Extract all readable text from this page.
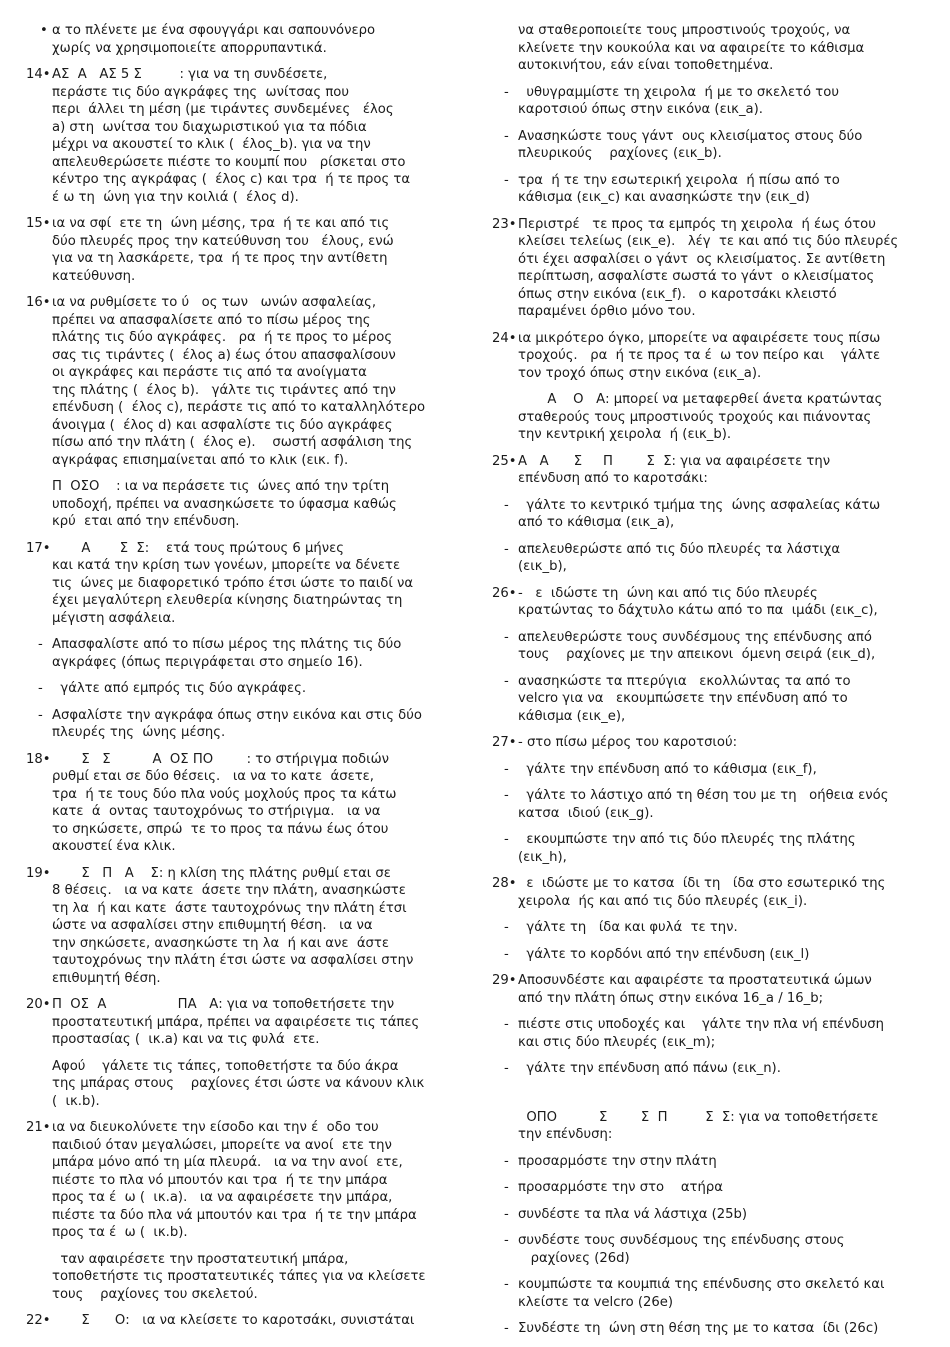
• α το πλένετε με ένα σφουγγάρι και σαπουνόνερο
χωρίς να χρησιμοποιείτε απορρυπαντικά.
14• ΑΣ  Α   ΑΣ 5 Σ         : για να τη συνδέσετε,
περάστε τις δύο αγκράφες της  ωνίτσας που
περι  άλλει τη μέση (με τιράντες συνδεμένες   έλος
a) στη  ωνίτσα του διαχωριστικού για τα πόδια
μέχρι να ακουστεί το κλικ (  έλος_b). για να την
απελευθερώσετε πιέστε το κουμπί που   ρίσκεται στο
κέντρο της αγκράφας (  έλος c) και τρα  ή τε προς τα
έ ω τη  ώνη για την κοιλιά (  έλος d).
15• ια να σφί  ετε τη  ώνη μέσης, τρα  ή τε και από τις
δύο πλευρές προς την κατεύθυνση του   έλους, ενώ
για να τη λασκάρετε, τρα  ή τε προς την αντίθετη
κατεύθυνση.
16• ια να ρυθμίσετε το ύ   ος των   ωνών ασφαλείας,
πρέπει να απασφαλίσετε από το πίσω μέρος της
πλάτης τις δύο αγκράφες.   ρα  ή τε προς το μέρος
σας τις τιράντες (  έλος a) έως ότου απασφαλίσουν
οι αγκράφες και περάστε τις από τα ανοίγματα
της πλάτης (  έλος b).   γάλτε τις τιράντες από την
επένδυση (  έλος c), περάστε τις από το καταλληλότερο
άνοιγμα (  έλος d) και ασφαλίστε τις δύο αγκράφες
πίσω από την πλάτη (  έλος e).    σωστή ασφάλιση της
αγκράφας επισημαίνεται από το κλικ (εικ. f).
Π  ΟΣΟ    : ια να περάσετε τις  ώνες από την τρίτη
υποδοχή, πρέπει να ανασηκώσετε το ύφασμα καθώς
κρύ  εται από την επένδυση.
17• Α       Σ  Σ:    ετά τους πρώτους 6 μήνες
και κατά την κρίση των γονέων, μπορείτε να δένετε
τις  ώνες με διαφορετικό τρόπο έτσι ώστε το παιδί να
έχει μεγαλύτερη ελευθερία κίνησης διατηρώντας τη
μέγιστη ασφάλεια.
- Απασφαλίστε από το πίσω μέρος της πλάτης τις δύο
αγκράφες (όπως περιγράφεται στο σημείο 16).
- γάλτε από εμπρός τις δύο αγκράφες.
- Ασφαλίστε την αγκράφα όπως στην εικόνα και στις δύο
πλευρές της  ώνης μέσης.
18• Σ   Σ          Α  ΟΣ ΠΟ        : το στήριγμα ποδιών
ρυθμί εται σε δύο θέσεις.   ια να το κατε  άσετε,
τρα  ή τε τους δύο πλα νούς μοχλούς προς τα κάτω
κατε  ά  οντας ταυτοχρόνως το στήριγμα.   ια να
το σηκώσετε, σπρώ  τε το προς τα πάνω έως ότου
ακουστεί ένα κλικ.
19• Σ   Π   Α    Σ: η κλίση της πλάτης ρυθμί εται σε
8 θέσεις.   ια να κατε  άσετε την πλάτη, ανασηκώστε
τη λα  ή και κατε  άστε ταυτοχρόνως την πλάτη έτσι
ώστε να ασφαλίσει στην επιθυμητή θέση.   ια να
την σηκώσετε, ανασηκώστε τη λα  ή και ανε  άστε
ταυτοχρόνως την πλάτη έτσι ώστε να ασφαλίσει στην
επιθυμητή θέση.
20• Π  ΟΣ  Α                 ΠΑ   Α: για να τοποθετήσετε την
προστατευτική μπάρα, πρέπει να αφαιρέσετε τις τάπες
προστασίας (  ικ.a) και να τις φυλά  ετε.
Αφού    γάλετε τις τάπες, τοποθετήστε τα δύο άκρα
της μπάρας στους    ραχίονες έτσι ώστε να κάνουν κλικ
(  ικ.b).
21• ια να διευκολύνετε την είσοδο και την έ  οδο του
παιδιού όταν μεγαλώσει, μπορείτε να ανοί  ετε την
μπάρα μόνο από τη μία πλευρά.   ια να την ανοί  ετε,
πιέστε το πλα νό μπουτόν και τρα  ή τε την μπάρα
προς τα έ  ω (  ικ.a).   ια να αφαιρέσετε την μπάρα,
πιέστε τα δύο πλα νά μπουτόν και τρα  ή τε την μπάρα
προς τα έ  ω (  ικ.b).
ταν αφαιρέσετε την προστατευτική μπάρα,
τοποθετήστε τις προστατευτικές τάπες για να κλείσετε
τους    ραχίονες του σκελετού.
22• Σ      Ο:   ια να κλείσετε το καροτσάκι, συνιστάται
να σταθεροποιείτε τους μπροστινούς τροχούς, να
κλείνετε την κουκούλα και να αφαιρείτε το κάθισμα
αυτοκινήτου, εάν είναι τοποθετημένα.
- υθυγραμμίστε τη χειρολα  ή με το σκελετό του
καροτσιού όπως στην εικόνα (εικ_a).
- Ανασηκώστε τους γάντ  ους κλεισίματος στους δύο
πλευρικούς    ραχίονες (εικ_b).
- τρα  ή τε την εσωτερική χειρολα  ή πίσω από το
κάθισμα (εικ_c) και ανασηκώστε την (εικ_d)
23• Περιστρέ   τε προς τα εμπρός τη χειρολα  ή έως ότου
κλείσει τελείως (εικ_e).   λέγ  τε και από τις δύο πλευρές
ότι έχει ασφαλίσει ο γάντ  ος κλεισίματος. Σε αντίθετη
περίπτωση, ασφαλίστε σωστά το γάντ  ο κλεισίματος
όπως στην εικόνα (εικ_f).   ο καροτσάκι κλειστό
παραμένει όρθιο μόνο του.
24• ια μικρότερο όγκο, μπορείτε να αφαιρέσετε τους πίσω
τροχούς.   ρα  ή τε προς τα έ  ω τον πείρο και    γάλτε
τον τροχό όπως στην εικόνα (εικ_a).
Α    Ο   Α: μπορεί να μεταφερθεί άνετα κρατώντας
σταθερούς τους μπροστινούς τροχούς και πιάνοντας
την κεντρική χειρολα  ή (εικ_b).
25• Α   Α      Σ     Π        Σ  Σ: για να αφαιρέσετε την
επένδυση από το καροτσάκι:
- γάλτε το κεντρικό τμήμα της  ώνης ασφαλείας κάτω
από το κάθισμα (εικ_a),
- απελευθερώστε από τις δύο πλευρές τα λάστιχα
(εικ_b),
26• -   ε  ιδώστε τη  ώνη και από τις δύο πλευρές
κρατώντας το δάχτυλο κάτω από το πα  ιμάδι (εικ_c),
- απελευθερώστε τους συνδέσμους της επένδυσης από
τους    ραχίονες με την απεικονι  όμενη σειρά (εικ_d),
- ανασηκώστε τα πτερύγια   εκολλώντας τα από το
velcro για να   εκουμπώσετε την επένδυση από το
κάθισμα (εικ_e),
27• - στο πίσω μέρος του καροτσιού:
- γάλτε την επένδυση από το κάθισμα (εικ_f),
- γάλτε το λάστιχο από τη θέση του με τη   οήθεια ενός
κατσα  ιδιού (εικ_g).
- εκουμπώστε την από τις δύο πλευρές της πλάτης
(εικ_h),
28• ε  ιδώστε με το κατσα  ίδι τη   ίδα στο εσωτερικό της
χειρολα  ής και από τις δύο πλευρές (εικ_i).
- γάλτε τη   ίδα και φυλά  τε την.
- γάλτε το κορδόνι από την επένδυση (εικ_l)
29• Αποσυνδέστε και αφαιρέστε τα προστατευτικά ώμων
από την πλάτη όπως στην εικόνα 16_a / 16_b;
- πιέστε στις υποδοχές και    γάλτε την πλα νή επένδυση
και στις δύο πλευρές (εικ_m);
- γάλτε την επένδυση από πάνω (εικ_n).
ΟΠΟ          Σ        Σ  Π         Σ  Σ: για να τοποθετήσετε
την επένδυση:
- προσαρμόστε την στην πλάτη
- προσαρμόστε την στο    ατήρα
- συνδέστε τα πλα νά λάστιχα (25b)
- συνδέστε τους συνδέσμους της επένδυσης στους
ραχίονες (26d)
- κουμπώστε τα κουμπιά της επένδυσης στο σκελετό και
κλείστε τα velcro (26e)
- Συνδέστε τη  ώνη στη θέση της με το κατσα  ίδι (26c)
